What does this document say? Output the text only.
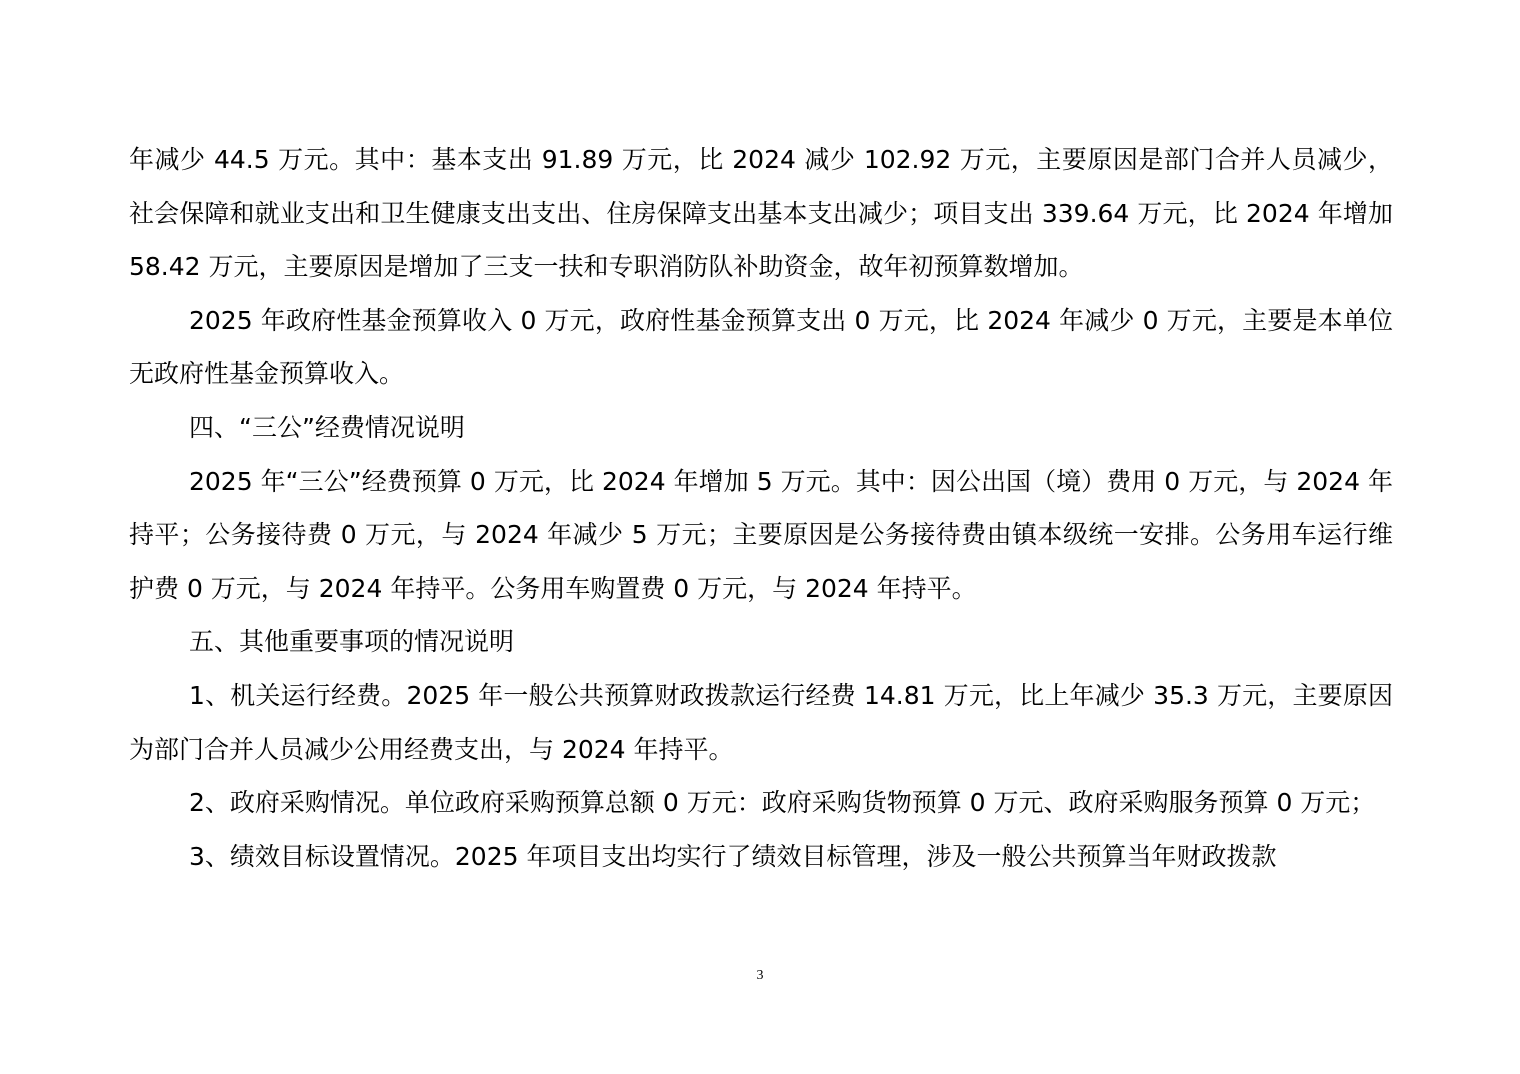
年减少 44.5 万元。其中：基本支出 91.89 万元，比 2024 减少 102.92 万元，主要原因是部门合并人员减少，社会保障和就业支出和卫生健康支出支出、住房保障支出基本支出减少；项目支出 339.64 万元，比 2024 年增加 58.42 万元，主要原因是增加了三支一扶和专职消防队补助资金，故年初预算数增加。

2025 年政府性基金预算收入 0 万元，政府性基金预算支出 0 万元，比 2024 年减少 0 万元，主要是本单位无政府性基金预算收入。

四、“三公”经费情况说明

2025 年“三公”经费预算 0 万元，比 2024 年增加 5 万元。其中：因公出国（境）费用 0 万元，与 2024 年持平；公务接待费 0 万元，与 2024 年减少 5 万元；主要原因是公务接待费由镇本级统一安排。公务用车运行维护费 0 万元，与 2024 年持平。公务用车购置费 0 万元，与 2024 年持平。

五、其他重要事项的情况说明

1、机关运行经费。2025 年一般公共预算财政拨款运行经费 14.81 万元，比上年减少 35.3 万元，主要原因为部门合并人员减少公用经费支出，与 2024 年持平。

2、政府采购情况。单位政府采购预算总额 0 万元：政府采购货物预算 0 万元、政府采购服务预算 0 万元；

3、绩效目标设置情况。2025 年项目支出均实行了绩效目标管理，涉及一般公共预算当年财政拨款

3
